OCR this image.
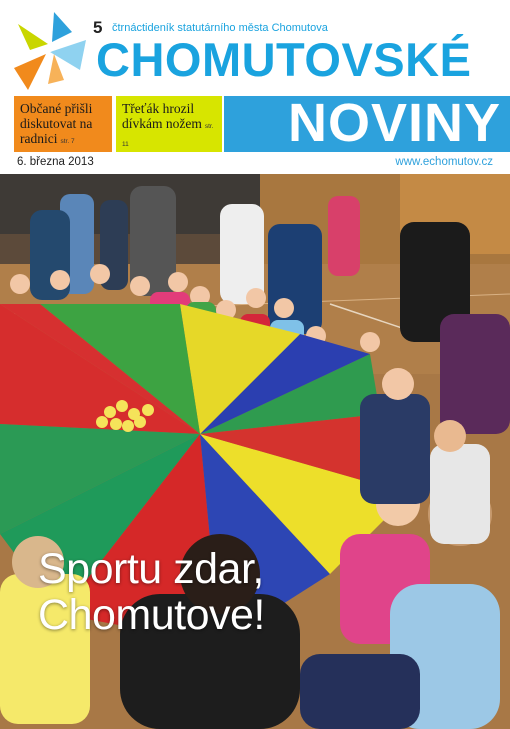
5 čtrnáctideník statutárního města Chomutova
CHOMUTOVSKÉ
Občané přišli diskutovat na radnici str. 7
Třeťák hrozil dívkám nožem str. 11	NOVINY
6. března 2013	www.echomutov.cz
Sportu zdar,
Chomutove!
